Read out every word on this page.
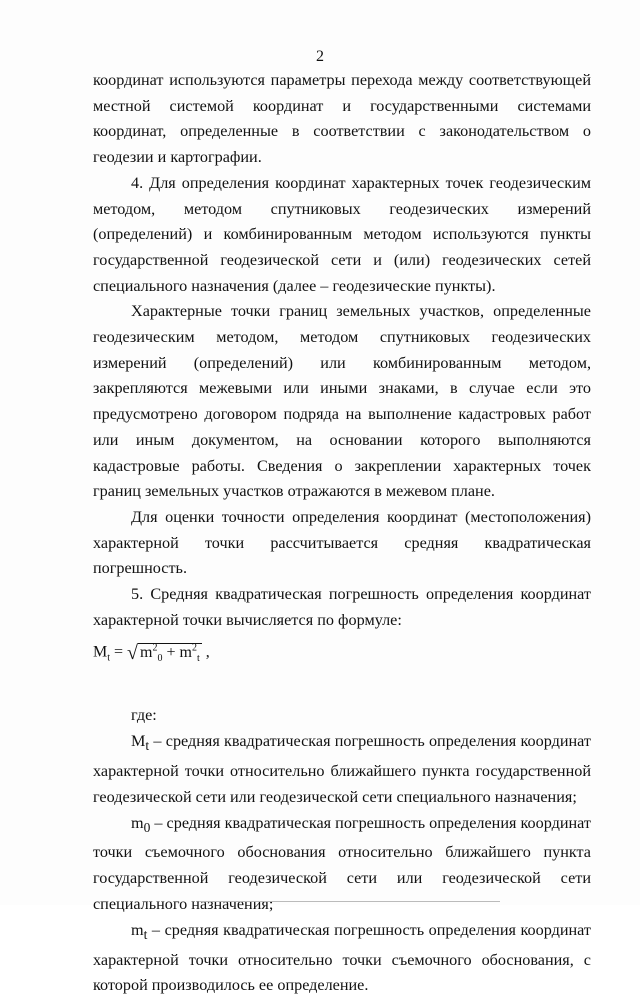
2

координат используются параметры перехода между соответствующей местной системой координат и государственными системами координат, определенные в соответствии с законодательством о геодезии и картографии.

4. Для определения координат характерных точек геодезическим методом, методом спутниковых геодезических измерений (определений) и комбинированным методом используются пункты государственной геодезической сети и (или) геодезических сетей специального назначения (далее – геодезические пункты).

Характерные точки границ земельных участков, определенные геодезическим методом, методом спутниковых геодезических измерений (определений) или комбинированным методом, закрепляются межевыми или иными знаками, в случае если это предусмотрено договором подряда на выполнение кадастровых работ или иным документом, на основании которого выполняются кадастровые работы. Сведения о закреплении характерных точек границ земельных участков отражаются в межевом плане.

Для оценки точности определения координат (местоположения) характерной точки рассчитывается средняя квадратическая погрешность.

5. Средняя квадратическая погрешность определения координат характерной точки вычисляется по формуле:

$M_t$ = √ $m^2_0 + m^2_t$ ,

где:

$M_t$ – средняя квадратическая погрешность определения координат характерной точки относительно ближайшего пункта государственной геодезической сети или геодезической сети специального назначения;

$m_0$ – средняя квадратическая погрешность определения координат точки съемочного обоснования относительно ближайшего пункта государственной геодезической сети или геодезической сети специального назначения;

$m_t$ – средняя квадратическая погрешность определения координат характерной точки относительно точки съемочного обоснования, с которой производилось ее определение.
